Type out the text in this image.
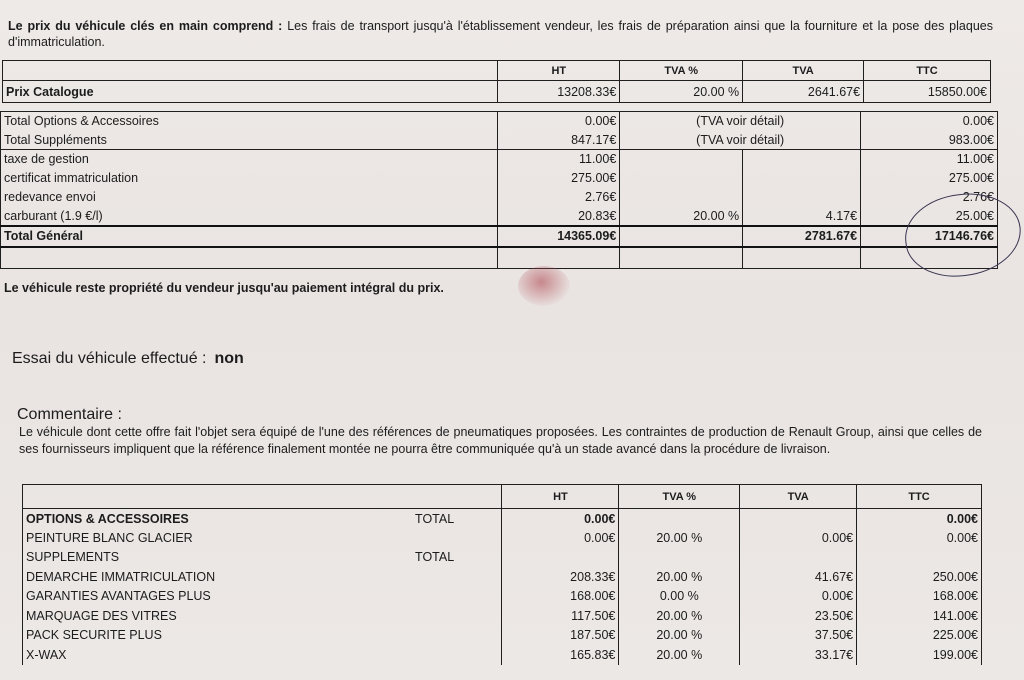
Le prix du véhicule clés en main comprend : Les frais de transport jusqu'à l'établissement vendeur, les frais de préparation ainsi que la fourniture et la pose des plaques d'immatriculation.
	HT	TVA %	TVA	TTC
Prix Catalogue	13208.33€	20.00 %	2641.67€	15850.00€
Total Options & Accessoires	0.00€	(TVA voir détail)		0.00€
Total Suppléments	847.17€	(TVA voir détail)		983.00€
taxe de gestion	11.00€			11.00€
certificat immatriculation	275.00€			275.00€
redevance envoi	2.76€			2.76€
carburant (1.9 €/l)	20.83€	20.00 %	4.17€	25.00€
Total Général	14365.09€		2781.67€	17146.76€

Le véhicule reste propriété du vendeur jusqu'au paiement intégral du prix.
Essai du véhicule effectué : non
Commentaire :
Le véhicule dont cette offre fait l'objet sera équipé de l'une des références de pneumatiques proposées. Les contraintes de production de Renault Group, ainsi que celles de ses fournisseurs impliquent que la référence finalement montée ne pourra être communiquée qu'à un stade avancé dans la procédure de livraison.
		HT	TVA %	TVA	TTC
OPTIONS & ACCESSOIRES	TOTAL	0.00€			0.00€
PEINTURE BLANC GLACIER		0.00€	20.00 %	0.00€	0.00€
SUPPLEMENTS	TOTAL				
DEMARCHE IMMATRICULATION		208.33€	20.00 %	41.67€	250.00€
GARANTIES AVANTAGES PLUS		168.00€	0.00 %	0.00€	168.00€
MARQUAGE DES VITRES		117.50€	20.00 %	23.50€	141.00€
PACK SECURITE PLUS		187.50€	20.00 %	37.50€	225.00€
X-WAX		165.83€	20.00 %	33.17€	199.00€
